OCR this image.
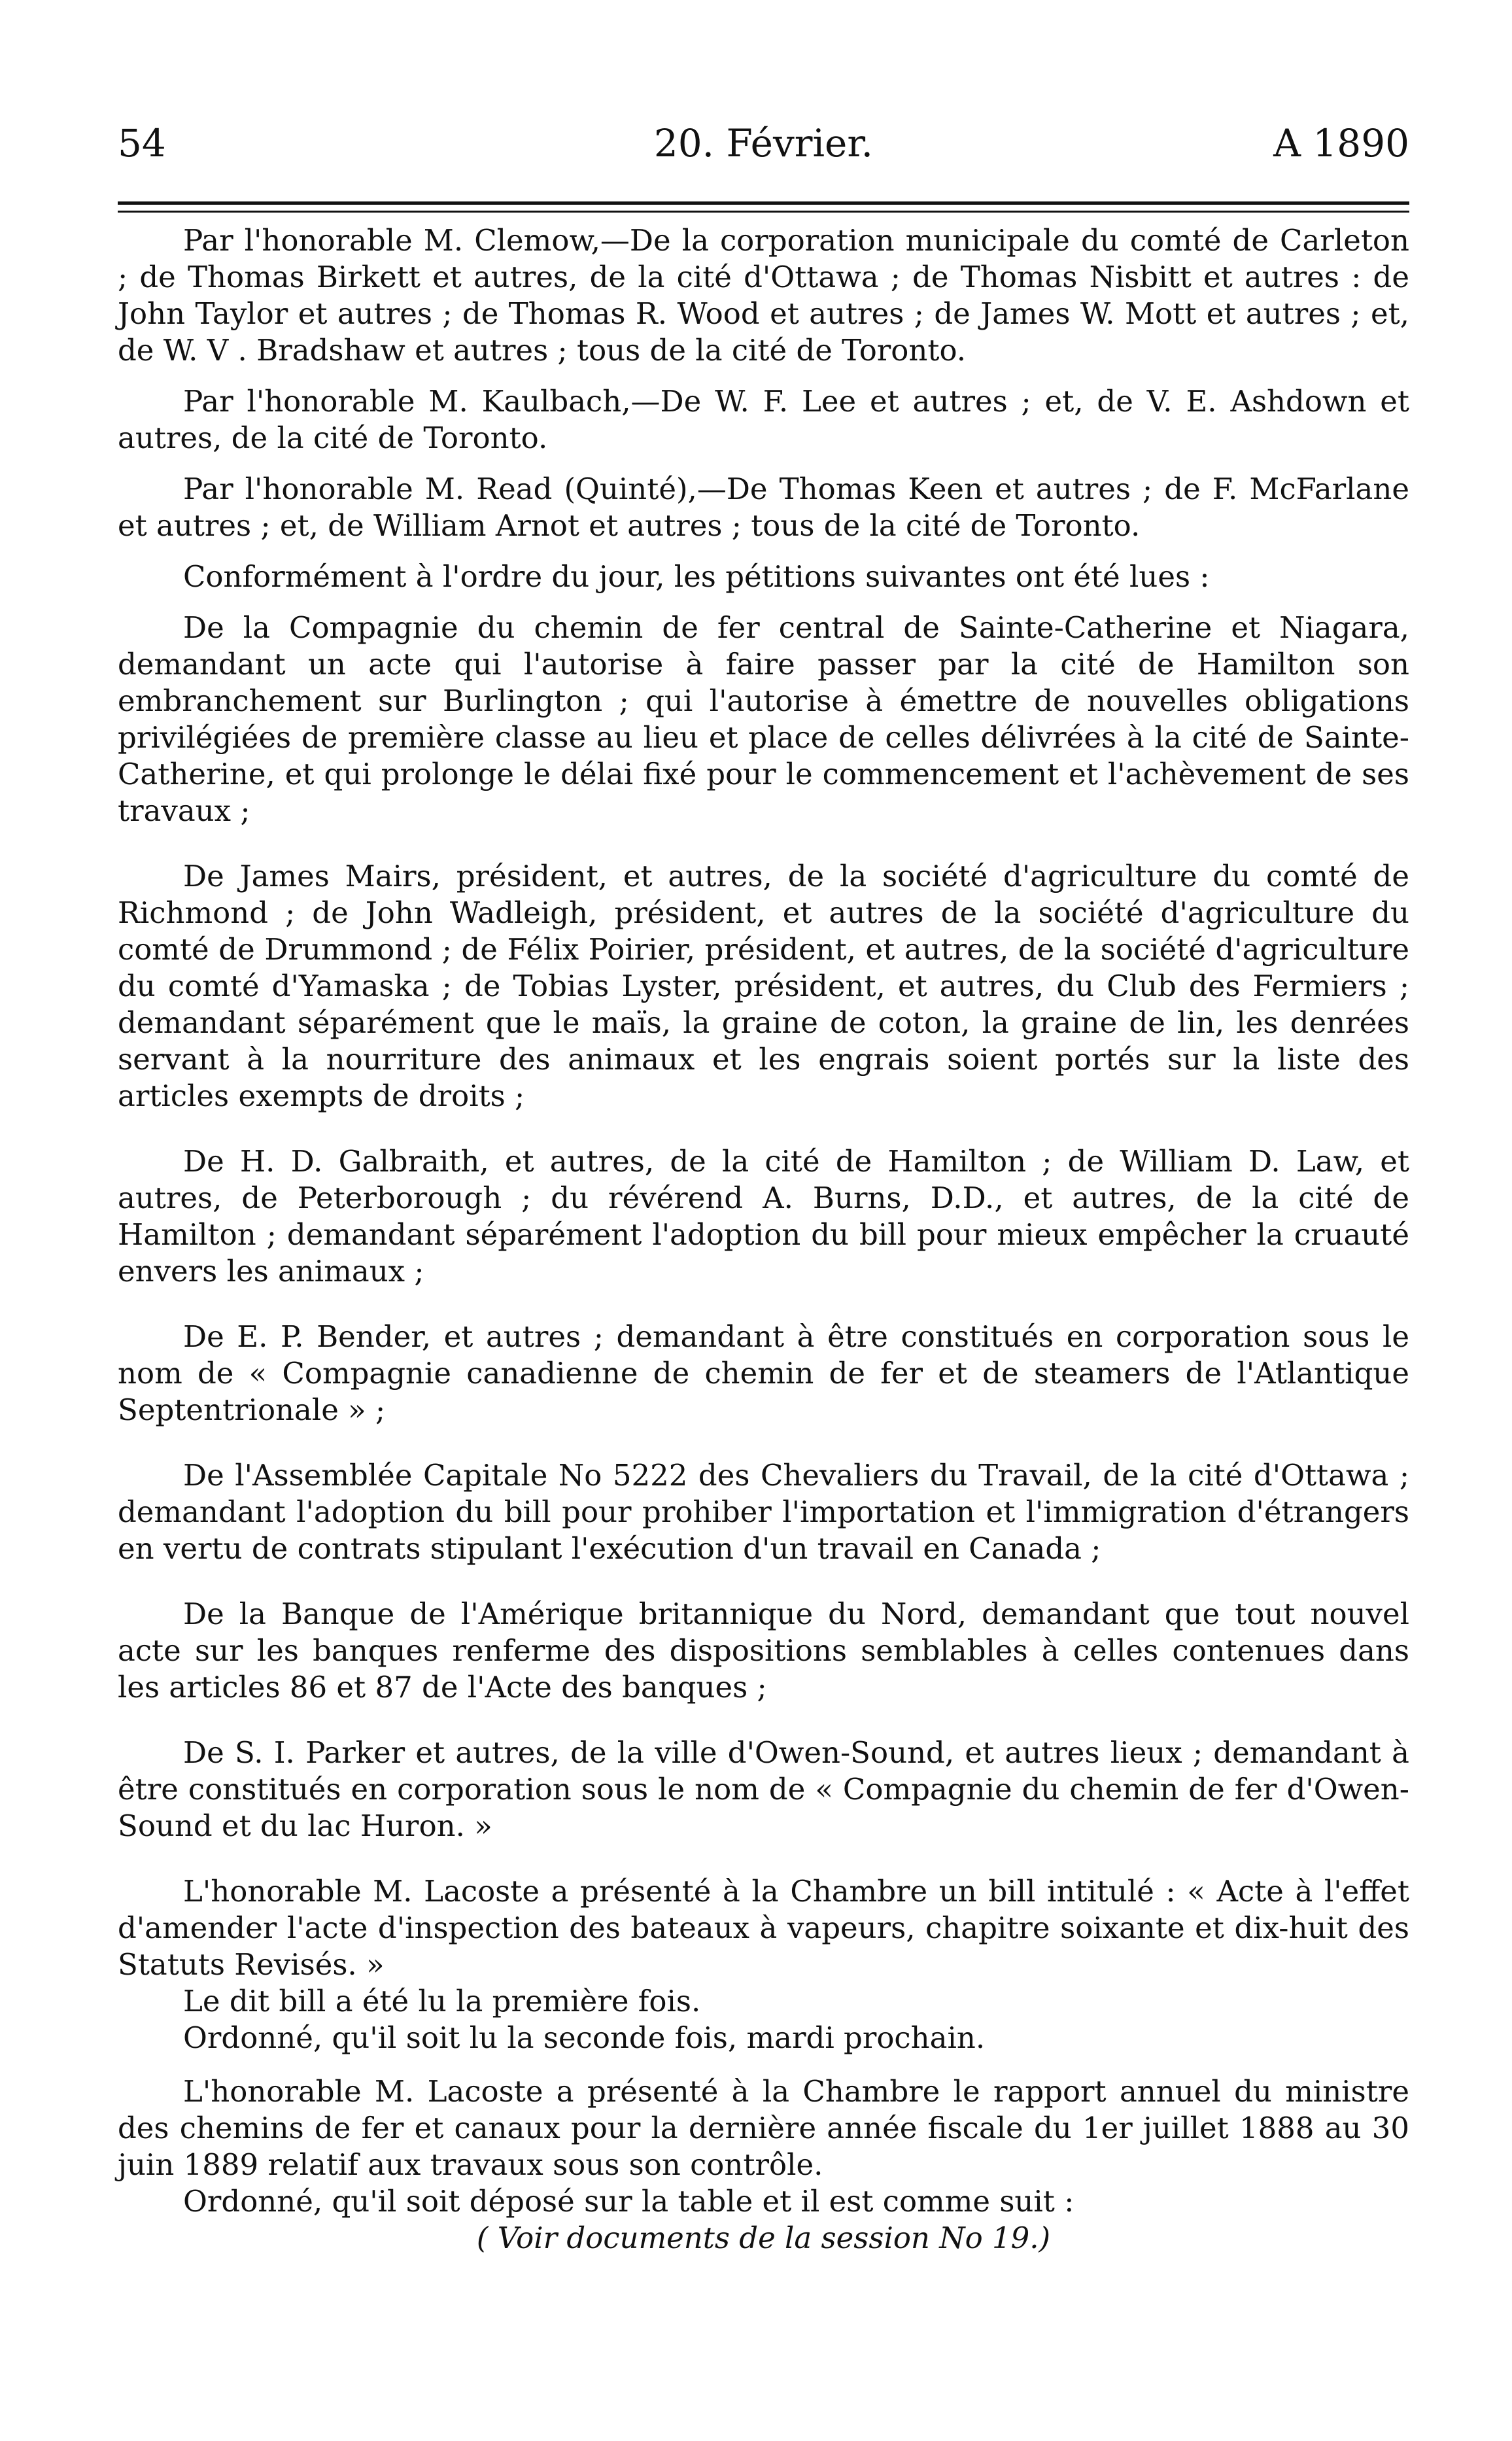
54	20. Février.	A 1890

Par l'honorable M. Clemow,—De la corporation municipale du comté de Carleton ; de Thomas Birkett et autres, de la cité d'Ottawa ; de Thomas Nisbitt et autres : de John Taylor et autres ; de Thomas R. Wood et autres ; de James W. Mott et autres ; et, de W. V . Bradshaw et autres ; tous de la cité de Toronto.

Par l'honorable M. Kaulbach,—De W. F. Lee et autres ; et, de V. E. Ashdown et autres, de la cité de Toronto.

Par l'honorable M. Read (Quinté),—De Thomas Keen et autres ; de F. McFarlane et autres ; et, de William Arnot et autres ; tous de la cité de Toronto.

Conformément à l'ordre du jour, les pétitions suivantes ont été lues :

De la Compagnie du chemin de fer central de Sainte-Catherine et Niagara, demandant un acte qui l'autorise à faire passer par la cité de Hamilton son embranchement sur Burlington ; qui l'autorise à émettre de nouvelles obligations privilégiées de première classe au lieu et place de celles délivrées à la cité de Sainte-Catherine, et qui prolonge le délai fixé pour le commencement et l'achèvement de ses travaux ;

De James Mairs, président, et autres, de la société d'agriculture du comté de Richmond ; de John Wadleigh, président, et autres de la société d'agriculture du comté de Drummond ; de Félix Poirier, président, et autres, de la société d'agriculture du comté d'Yamaska ; de Tobias Lyster, président, et autres, du Club des Fermiers ; demandant séparément que le maïs, la graine de coton, la graine de lin, les denrées servant à la nourriture des animaux et les engrais soient portés sur la liste des articles exempts de droits ;

De H. D. Galbraith, et autres, de la cité de Hamilton ; de William D. Law, et autres, de Peterborough ; du révérend A. Burns, D.D., et autres, de la cité de Hamilton ; demandant séparément l'adoption du bill pour mieux empêcher la cruauté envers les animaux ;

De E. P. Bender, et autres ; demandant à être constitués en corporation sous le nom de « Compagnie canadienne de chemin de fer et de steamers de l'Atlantique Septentrionale » ;

De l'Assemblée Capitale No 5222 des Chevaliers du Travail, de la cité d'Ottawa ; demandant l'adoption du bill pour prohiber l'importation et l'immigration d'étrangers en vertu de contrats stipulant l'exécution d'un travail en Canada ;

De la Banque de l'Amérique britannique du Nord, demandant que tout nouvel acte sur les banques renferme des dispositions semblables à celles contenues dans les articles 86 et 87 de l'Acte des banques ;

De S. I. Parker et autres, de la ville d'Owen-Sound, et autres lieux ; demandant à être constitués en corporation sous le nom de « Compagnie du chemin de fer d'Owen-Sound et du lac Huron. »

L'honorable M. Lacoste a présenté à la Chambre un bill intitulé : « Acte à l'effet d'amender l'acte d'inspection des bateaux à vapeurs, chapitre soixante et dix-huit des Statuts Revisés. »

Le dit bill a été lu la première fois.

Ordonné, qu'il soit lu la seconde fois, mardi prochain.

L'honorable M. Lacoste a présenté à la Chambre le rapport annuel du ministre des chemins de fer et canaux pour la dernière année fiscale du 1er juillet 1888 au 30 juin 1889 relatif aux travaux sous son contrôle.

Ordonné, qu'il soit déposé sur la table et il est comme suit :

( Voir documents de la session No 19.)
